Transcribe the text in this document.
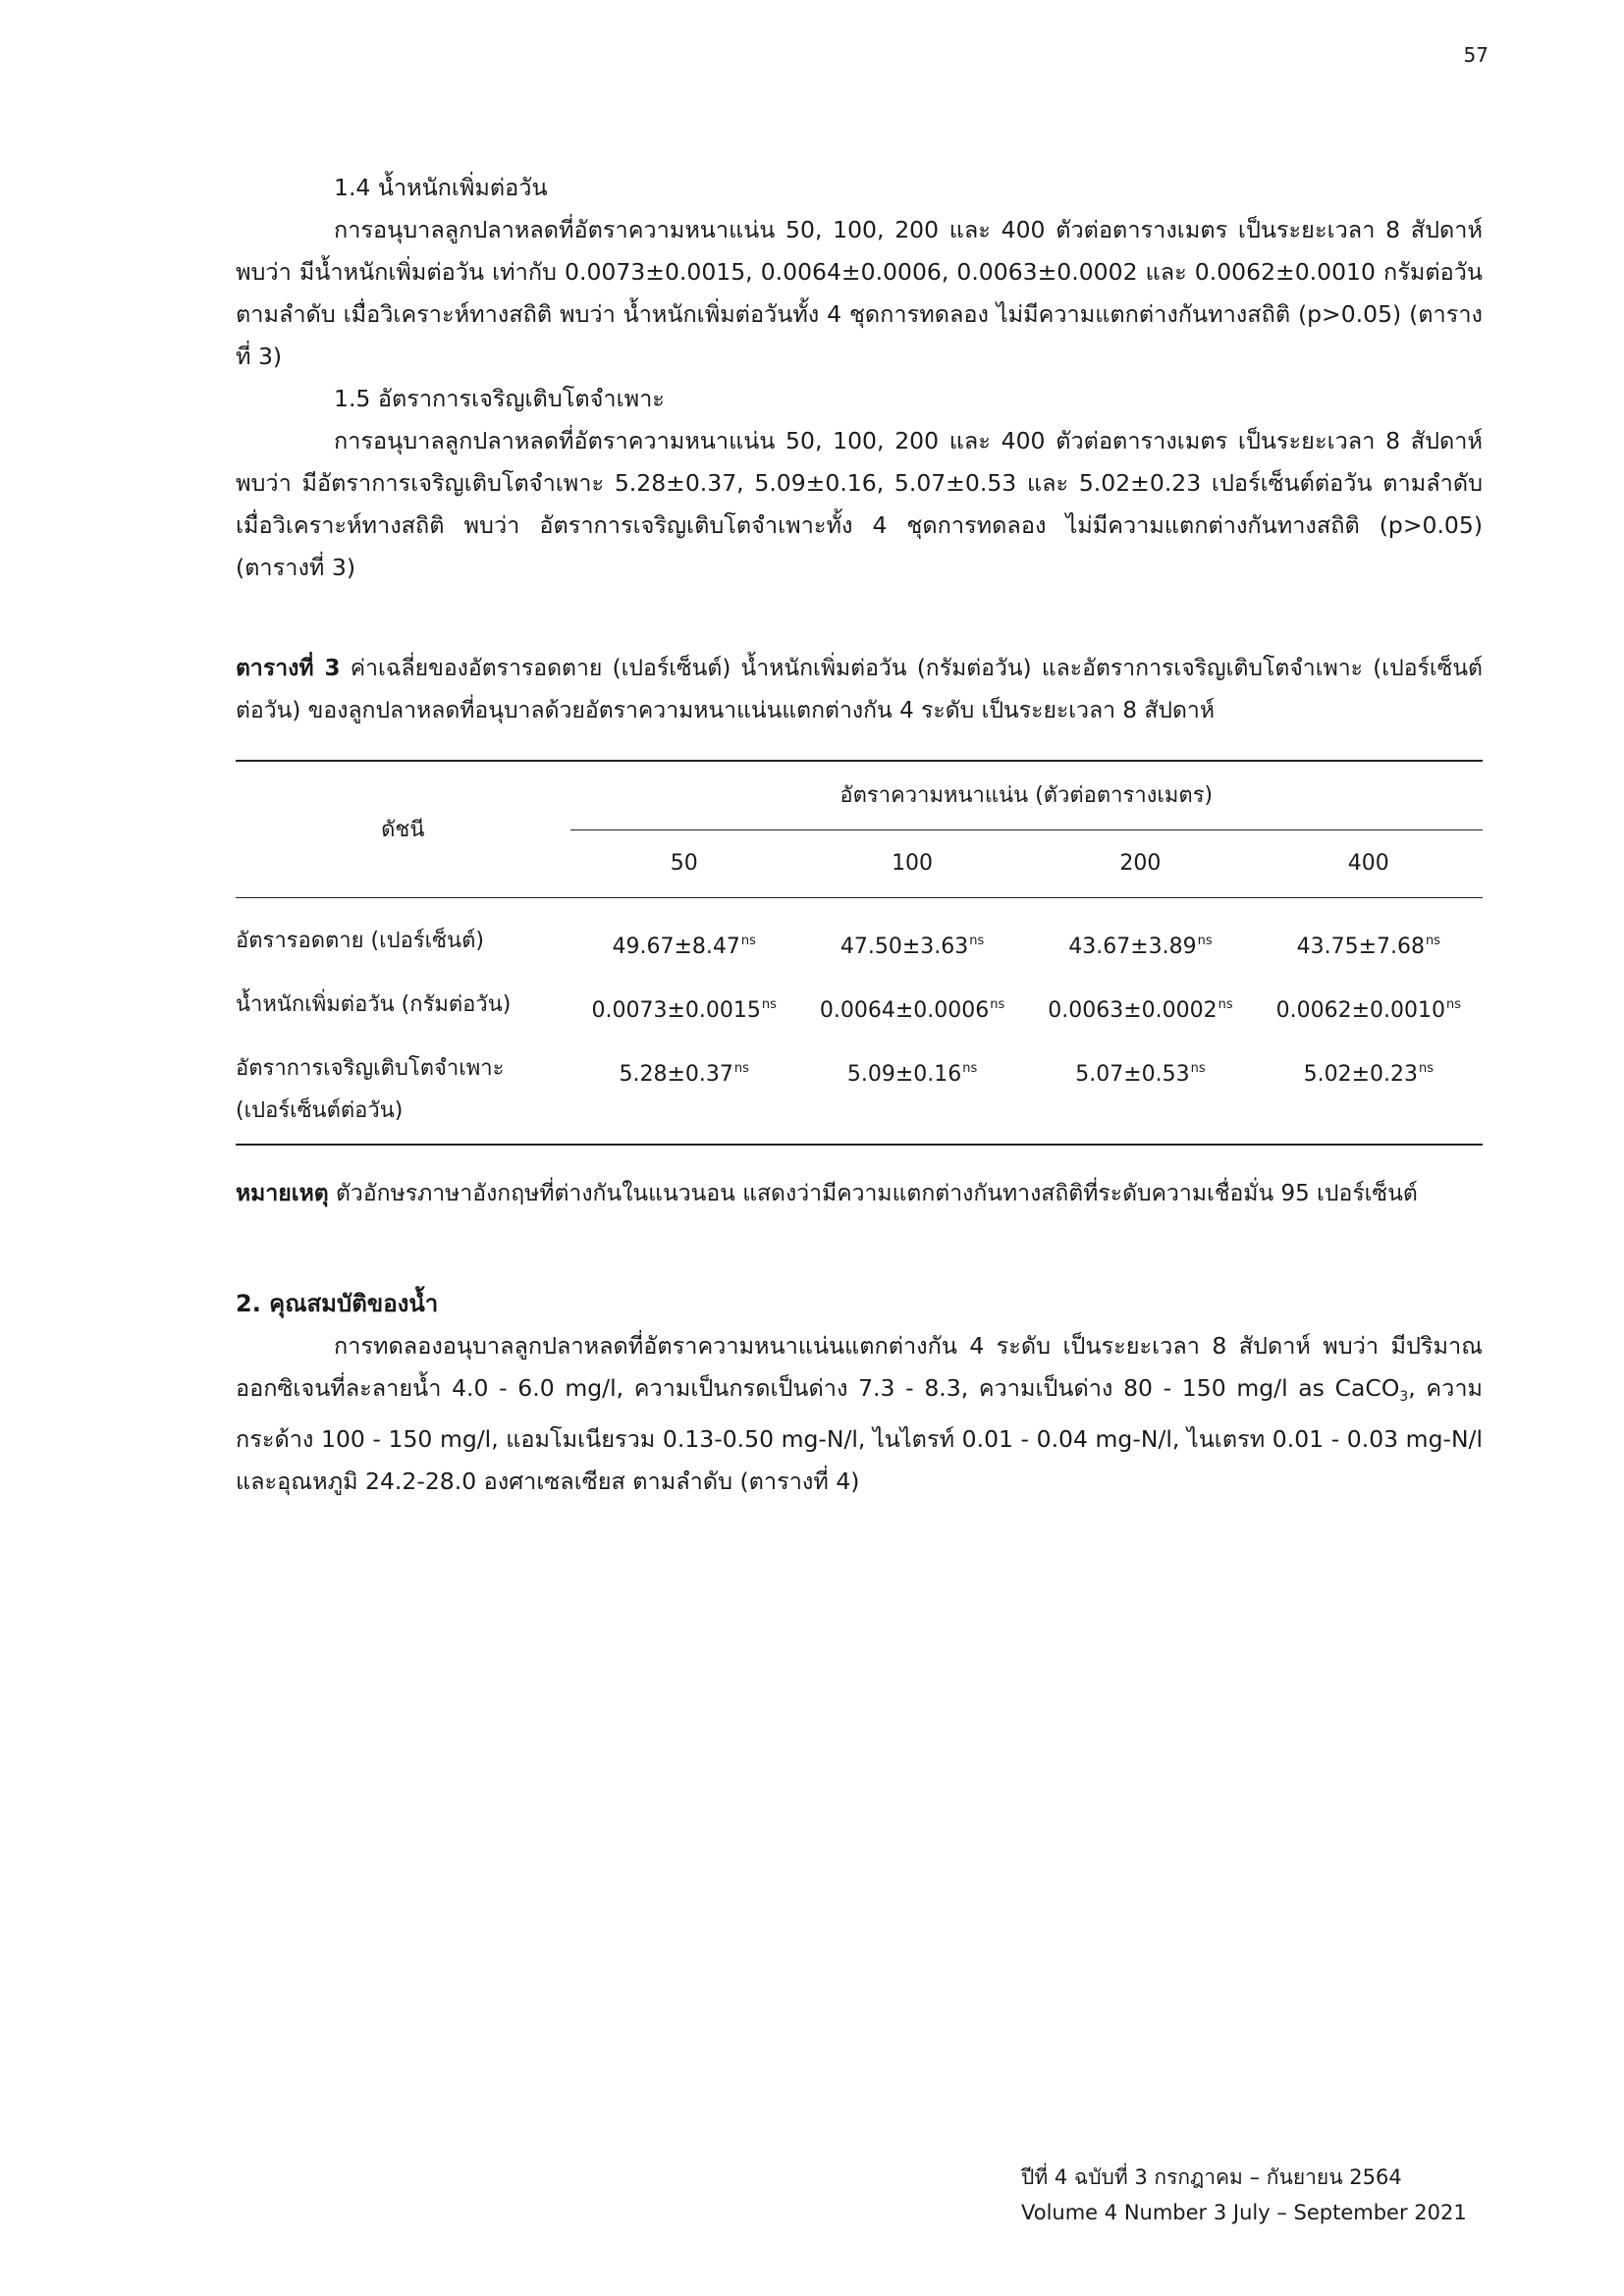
57

1.4 น้ำหนักเพิ่มต่อวัน

การอนุบาลลูกปลาหลดที่อัตราความหนาแน่น 50, 100, 200 และ 400 ตัวต่อตารางเมตร เป็นระยะเวลา 8 สัปดาห์ พบว่า มีน้ำหนักเพิ่มต่อวัน เท่ากับ 0.0073±0.0015, 0.0064±0.0006, 0.0063±0.0002 และ 0.0062±0.0010 กรัมต่อวัน ตามลำดับ เมื่อวิเคราะห์ทางสถิติ พบว่า น้ำหนักเพิ่มต่อวันทั้ง 4 ชุดการทดลอง ไม่มีความแตกต่างกันทางสถิติ (p>0.05) (ตารางที่ 3)

1.5 อัตราการเจริญเติบโตจำเพาะ

การอนุบาลลูกปลาหลดที่อัตราความหนาแน่น 50, 100, 200 และ 400 ตัวต่อตารางเมตร เป็นระยะเวลา 8 สัปดาห์ พบว่า มีอัตราการเจริญเติบโตจำเพาะ 5.28±0.37, 5.09±0.16, 5.07±0.53 และ 5.02±0.23 เปอร์เซ็นต์ต่อวัน ตามลำดับ เมื่อวิเคราะห์ทางสถิติ พบว่า อัตราการเจริญเติบโตจำเพาะทั้ง 4 ชุดการทดลอง ไม่มีความแตกต่างกันทางสถิติ (p>0.05) (ตารางที่ 3)

ตารางที่ 3 ค่าเฉลี่ยของอัตรารอดตาย (เปอร์เซ็นต์) น้ำหนักเพิ่มต่อวัน (กรัมต่อวัน) และอัตราการเจริญเติบโตจำเพาะ (เปอร์เซ็นต์ต่อวัน) ของลูกปลาหลดที่อนุบาลด้วยอัตราความหนาแน่นแตกต่างกัน 4 ระดับ เป็นระยะเวลา 8 สัปดาห์

ดัชนี	อัตราความหนาแน่น (ตัวต่อตารางเมตร)			
	50	100	200	400
อัตรารอดตาย (เปอร์เซ็นต์)	$49.67\pm 8.47^{ns}$	$47.50\pm 3.63^{ns}$	$43.67\pm 3.89^{ns}$	$43.75\pm 7.68^{ns}$
น้ำหนักเพิ่มต่อวัน (กรัมต่อวัน)	$0.0073\pm 0.0015^{ns}$	$0.0064\pm 0.0006^{ns}$	$0.0063\pm 0.0002^{ns}$	$0.0062\pm 0.0010^{ns}$
อัตราการเจริญเติบโตจำเพาะ
(เปอร์เซ็นต์ต่อวัน)	$5.28\pm 0.37^{ns}$	$5.09\pm 0.16^{ns}$	$5.07\pm 0.53^{ns}$	$5.02\pm 0.23^{ns}$

หมายเหตุ ตัวอักษรภาษาอังกฤษที่ต่างกันในแนวนอน แสดงว่ามีความแตกต่างกันทางสถิติที่ระดับความเชื่อมั่น 95 เปอร์เซ็นต์

2. คุณสมบัติของน้ำ

การทดลองอนุบาลลูกปลาหลดที่อัตราความหนาแน่นแตกต่างกัน 4 ระดับ เป็นระยะเวลา 8 สัปดาห์ พบว่า มีปริมาณออกซิเจนที่ละลายน้ำ 4.0 - 6.0 mg/l, ความเป็นกรดเป็นด่าง 7.3 - 8.3, ความเป็นด่าง 80 - 150 mg/l as CaCO$_3$, ความกระด้าง 100 - 150 mg/l, แอมโมเนียรวม 0.13-0.50 mg-N/l, ไนไตรท์ 0.01 - 0.04 mg-N/l, ไนเตรท 0.01 - 0.03 mg-N/l และอุณหภูมิ 24.2-28.0 องศาเซลเซียส ตามลำดับ (ตารางที่ 4)

ปีที่ 4 ฉบับที่ 3 กรกฎาคม – กันยายน 2564
Volume 4 Number 3 July – September 2021
